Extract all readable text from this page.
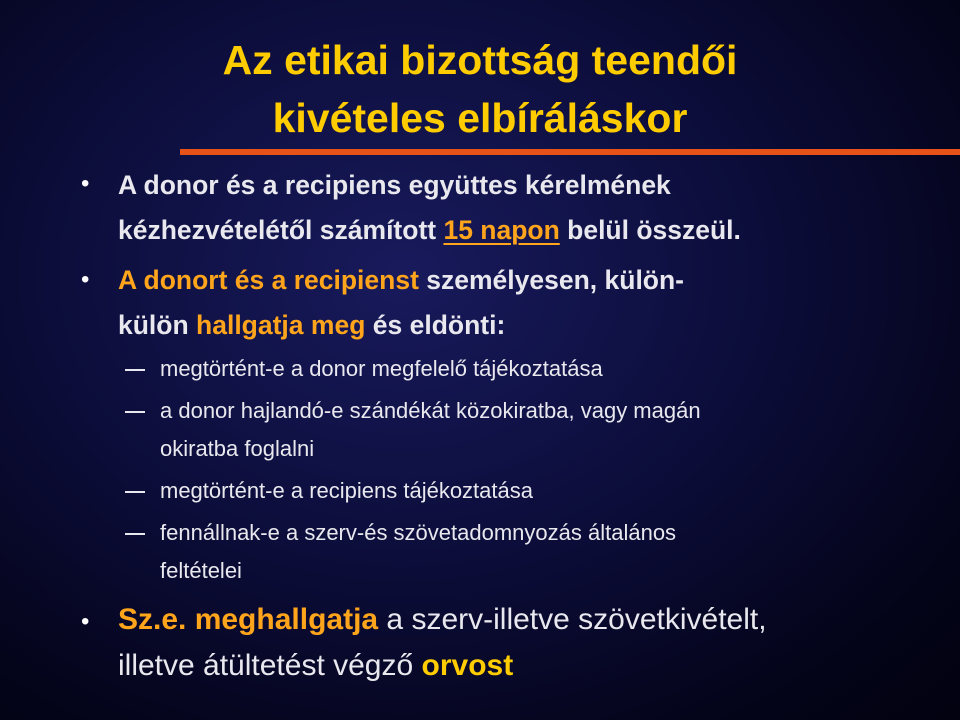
Az etikai bizottság teendői
kivételes elbíráláskor
• A donor és a recipiens együttes kérelmének
kézhezvételétől számított 15 napon belül összeül.
• A donort és a recipienst személyesen, külön-
külön hallgatja meg és eldönti:
megtörtént-e a donor megfelelő tájékoztatása
a donor hajlandó-e szándékát közokiratba, vagy magán
okiratba foglalni
megtörtént-e a recipiens tájékoztatása
fennállnak-e a szerv-és szövetadomnyozás általános
feltételei
• Sz.e. meghallgatja a szerv-illetve szövetkivételt,
illetve átültetést végző orvost
